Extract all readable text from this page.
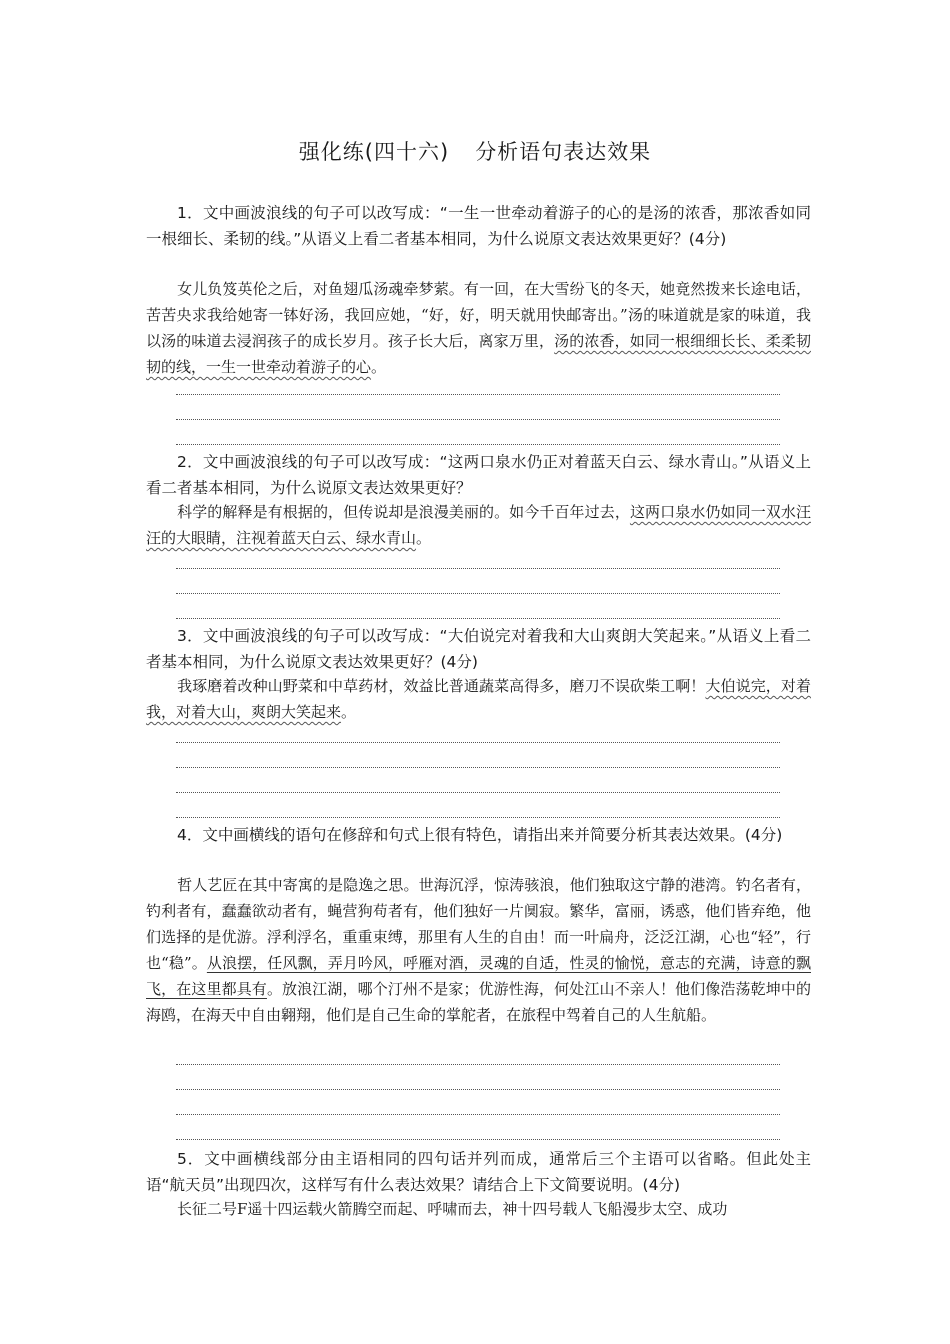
强化练(四十六) 分析语句表达效果
1．文中画波浪线的句子可以改写成：“一生一世牵动着游子的心的是汤的浓香，那浓香如同一根细长、柔韧的线。”从语义上看二者基本相同，为什么说原文表达效果更好？(4分)
女儿负笈英伦之后，对鱼翅瓜汤魂牵梦萦。有一回，在大雪纷飞的冬天，她竟然拨来长途电话，苦苦央求我给她寄一钵好汤，我回应她，“好，好，明天就用快邮寄出。”汤的味道就是家的味道，我以汤的味道去浸润孩子的成长岁月。孩子长大后，离家万里，汤的浓香，如同一根细细长长、柔柔韧韧的线，一生一世牵动着游子的心。
2．文中画波浪线的句子可以改写成：“这两口泉水仍正对着蓝天白云、绿水青山。”从语义上看二者基本相同，为什么说原文表达效果更好？
科学的解释是有根据的，但传说却是浪漫美丽的。如今千百年过去，这两口泉水仍如同一双水汪汪的大眼睛，注视着蓝天白云、绿水青山。
3．文中画波浪线的句子可以改写成：“大伯说完对着我和大山爽朗大笑起来。”从语义上看二者基本相同，为什么说原文表达效果更好？(4分)
我琢磨着改种山野菜和中草药材，效益比普通蔬菜高得多，磨刀不误砍柴工啊！大伯说完，对着我，对着大山，爽朗大笑起来。
4．文中画横线的语句在修辞和句式上很有特色，请指出来并简要分析其表达效果。(4分)
哲人艺匠在其中寄寓的是隐逸之思。世海沉浮，惊涛骇浪，他们独取这宁静的港湾。钓名者有，钓利者有，蠢蠢欲动者有，蝇营狗苟者有，他们独好一片阒寂。繁华，富丽，诱惑，他们皆弃绝，他们选择的是优游。浮利浮名，重重束缚，那里有人生的自由！而一叶扁舟，泛泛江湖，心也“轻”，行也“稳”。从浪摆，任风飘，弄月吟风，呼雁对酒，灵魂的自适，性灵的愉悦，意志的充满，诗意的飘飞，在这里都具有。放浪江湖，哪个汀州不是家；优游性海，何处江山不亲人！他们像浩荡乾坤中的海鸥，在海天中自由翱翔，他们是自己生命的掌舵者，在旅程中驾着自己的人生航船。
5．文中画横线部分由主语相同的四句话并列而成，通常后三个主语可以省略。但此处主语“航天员”出现四次，这样写有什么表达效果？请结合上下文简要说明。(4分)
长征二号F遥十四运载火箭腾空而起、呼啸而去，神十四号载人飞船漫步太空、成功
